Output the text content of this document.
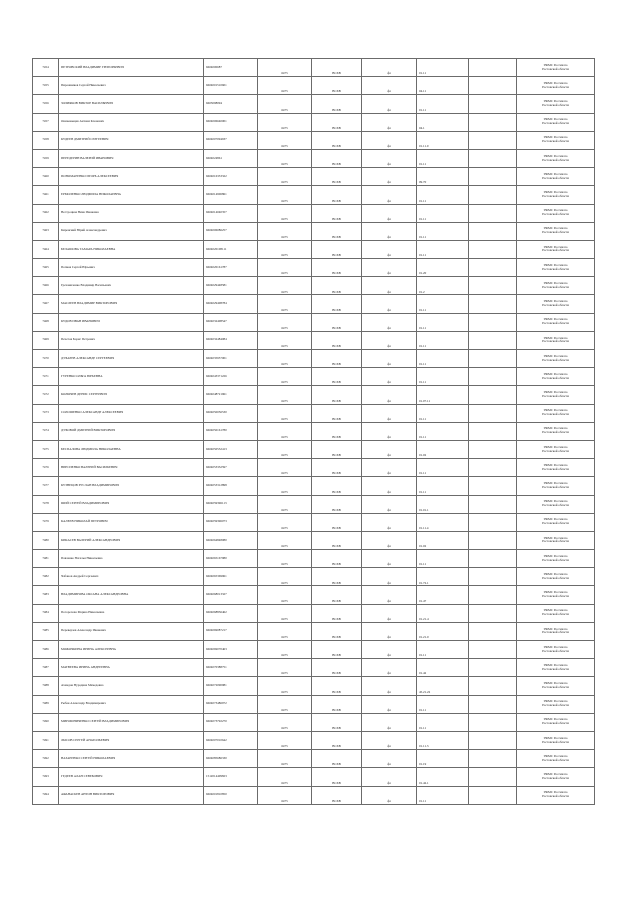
7454	ПЕТРОВСКИЙ ВЛАДИМИР ГРИГОРЬЕВИЧ	6604000687	6475	ВСХВ	фл	01.11		УФМС России по
Ростовской области

7455	Пирожников Сергей Николаевич	6604001510601	6475	ВСХВ	фл	04.11		УФМС России по
Ростовской области

7456	ЗОЛИЯКОВ ВИКТОР ВАСИЛЬЕВИЧ	6603098094	6475	ВСХВ	фл	01.11		УФМС России по
Ростовской области

7457	Онюковыцев Антони Клонович	6604006640001	6475	ВСХВ	фл	04.1		УФМС России по
Ростовской области

7458	КУДЕЕВ ДМИТРИЙ СЕРГЕЕВИЧ	6604007094937	6475	ВСХВ	фл	01.11.0		УФМС России по
Ростовской области

7459	ПЕРЕДЕРИН ВАЛЕРИЙ ИВАНОВИЧ	6604024861	6475	ВСХВ	фл	01.11		УФМС России по
Ростовской области

7460	ПОНОМАРЕНКО ИГОРЬ АЛЕКСЕЕВИЧ	6604016333322	6475	ВСХВ	фл	09.70		УФМС России по
Ростовской области

7461	ЕРМОЛЕНКО ЛЮДМИЛА НИКОЛАЕВНА	6604014906861	6475	ВСХВ	фл	01.11		УФМС России по
Ростовской области

7462	Нестроцкая Нина Ивановна	6604014040357	6475	ВСХВ	фл	01.11		УФМС России по
Ростовской области

7463	Киренский Юрий Александрович	6604006086257	6475	ВСХВ	фл	01.11		УФМС России по
Ростовской области

7464	БЕЛАШОВА ТАМАРА НИКОЛАЕВНА	6604020108111	6475	ВСХВ	фл	01.11		УФМС России по
Ростовской области

7465	Попков Сергей Юрьевич	6604020161787	6475	ВСХВ	фл	01.20		УФМС России по
Ростовской области

7466	Гречаниченко Владимир Васильевич	6604029448581	6475	ВСХВ	фл	01.2		УФМС России по
Ростовской области

7467	МАСЛЕЕВ ВЛАДИМИР ВИКТОРОВИЧ	6604029408784	6475	ВСХВ	фл	01.11		УФМС России по
Ростовской области

7468	КУДОВ ИВАН ИВАНОВИЧ	6604032408547	6475	ВСХВ	фл	01.11		УФМС России по
Ростовской области

7469	Печетов Борис Петрович	6604032484084	6475	ВСХВ	фл	01.11		УФМС России по
Ростовской области

7470	ДУБАРЕВ АЛЕКСАНДР СЕРГЕЕВИЧ	6604035957001	6475	ВСХВ	фл	01.11		УФМС России по
Ростовской области

7471	ГУРЕНКО ОЛЬГА ЮРЬЕВНА	6604043371226	6475	ВСХВ	фл	01.11		УФМС России по
Ростовской области

7472	КОЛЫЧЕВ ДЕНИС СЕРГЕЕВИЧ	6604048721961	6475	ВСХВ	фл	01.07.11		УФМС России по
Ростовской области

7473	СОЛОШЕНКО АЛЕКСАНДР АЛЕКСЕЕВИЧ	6604050056530	6475	ВСХВ	фл	01.11		УФМС России по
Ростовской области

7474	ДУБОВОЙ ДМИТРИЙ ВИКТОРОВИЧ	6604050161780	6475	ВСХВ	фл	01.11		УФМС России по
Ростовской области

7475	БЕСПАЛОВА ЛЮДМИЛА НИКОЛАЕВНА	6604050532413	6475	ВСХВ	фл	01.02		УФМС России по
Ростовской области

7476	ВИРСИЕНКО ВАЛЕРИЙ ВАСИЛЬЕВИЧ	6604053332597	6475	ВСХВ	фл	01.11		УФМС России по
Ростовской области

7477	КУЗНЕЦОВ РУСЛАН ВЛАДИМИРОВИЧ	6604053312898	6475	ВСХВ	фл	01.11		УФМС России по
Ростовской области

7478	ШИЙ СЕРГЕЙ ВЛАДИМИРОВИЧ	6604059396113	6475	ВСХВ	фл	01.01.1		УФМС России по
Ростовской области

7479	КАЛЕЕВ НИКОЛАЙ ПЕТРОВИЧ	6604059396073	6475	ВСХВ	фл	01.11.4		УФМС России по
Ростовской области

7480	КИКАСЕВ ВАЛЕРИЙ АЛЕКСАНДРОВИЧ	6604064848080	6475	ВСХВ	фл	01.02		УФМС России по
Ростовской области

7481	Павленко Наталья Николаевна	6604065167980	6475	ВСХВ	фл	01.11		УФМС России по
Ростовской области

7482	Чабанов Андрей Сергеевич	6604065369961	6475	ВСХВ	фл	01.72.1		УФМС России по
Ростовской области

7483	ВЛАДИМИРОВА ОКСАНА АЛЕКСАНДРОВНА	6604068013327	6475	ВСХВ	фл	01.47		УФМС России по
Ростовской области

7484	Погорелова Марию Николаевна	6604068836462	6475	ВСХВ	фл	01.21.4		УФМС России по
Ростовской области

7485	Переверзев Александр Иванович	6604069087217	6475	ВСХВ	фл	01.21.0		УФМС России по
Ростовской области

7486	МОЖОЧКИНА ИРИНА АЛЕКСЕЕВНА	6604069070463	6475	ВСХВ	фл	01.11		УФМС России по
Ростовской области

7487	МАТВЕЕВА ИРИНА АНДРЕЕВНА	6604070388751	6475	ВСХВ	фл	01.42		УФМС России по
Ростовской области

7488	Ахмедов Нурадина Мамедовна	6604072090981	6475	ВСХВ	фл	45.21.22		УФМС России по
Ростовской области

7489	Рыбак Александр Владимирович	6604073486972	6475	ВСХВ	фл	01.11		УФМС России по
Ростовской области

7490	МИРОШНИЧЕНКО СЕРГЕЙ ВЛАДИМИРОВИЧ	6604073792270	6475	ВСХВ	фл	01.11		УФМС России по
Ростовской области

7491	ЛЫСОВ СЕРГЕЙ АНАТОЛЬЕВИЧ	6604007010642	6475	ВСХВ	фл	01.11.3		УФМС России по
Ростовской области

7492	НАЗАРЕНКО СЕРГЕЙ НИКОЛАЕВИЧ	6604085686330	6475	ВСХВ	фл	01.19		УФМС России по
Ростовской области

7493	ГЕДЕЕВ АЛАН СЕВЕБОВИЧ	1512014409823	6475	ВСХВ	фл	01.42.1		УФМС России по
Ростовской области

7494	АФАНАСЬЕВ АНТОН ВИКТОРОВИЧ	6604001810850	6475	ВСХВ	фл	01.11		УФМС России по
Ростовской области
